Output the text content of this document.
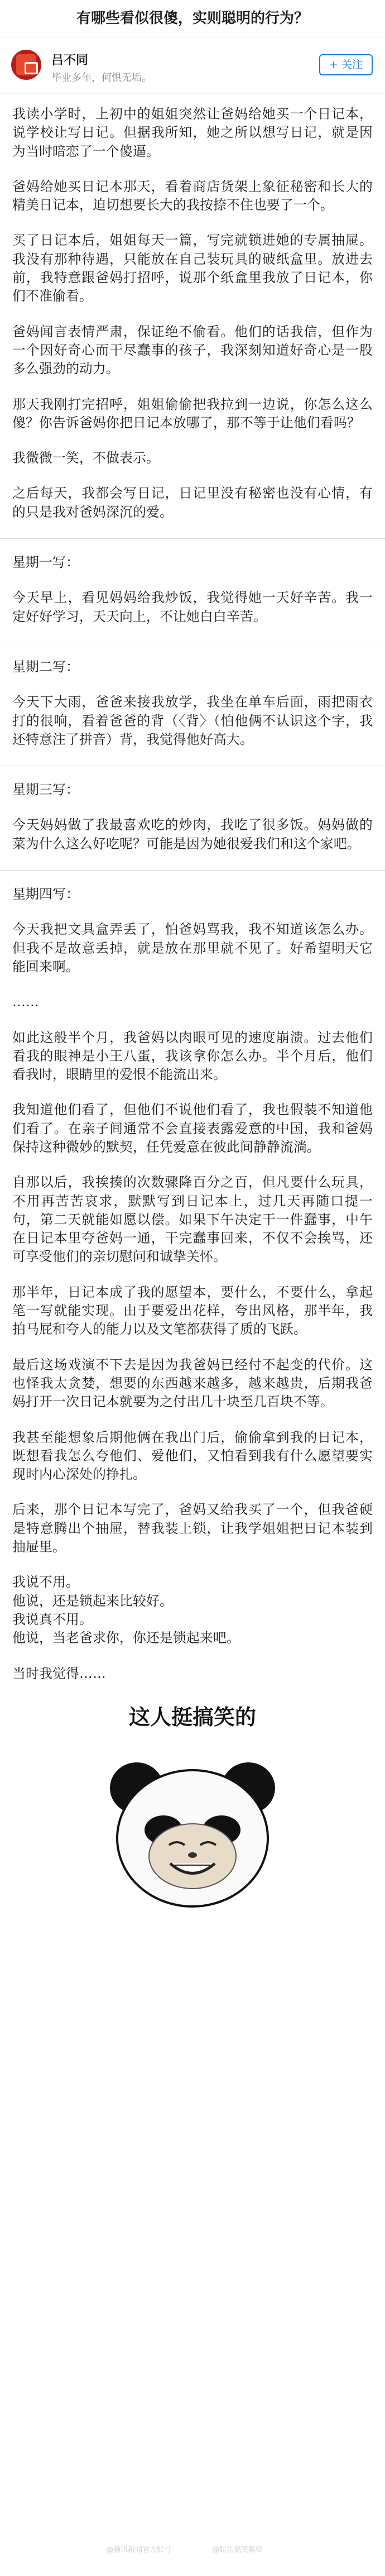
有哪些看似很傻，实则聪明的行为？
吕不同
毕业多年，何惧无垢。
+ 关注

我读小学时，上初中的姐姐突然让爸妈给她买一个日记本，说学校让写日记。但据我所知，她之所以想写日记，就是因为当时暗恋了一个傻逼。

爸妈给她买日记本那天，看着商店货架上象征秘密和长大的精美日记本，迫切想要长大的我按捺不住也要了一个。

买了日记本后，姐姐每天一篇，写完就锁进她的专属抽屉。我没有那种待遇，只能放在自己装玩具的破纸盒里。放进去前，我特意跟爸妈打招呼，说那个纸盒里我放了日记本，你们不准偷看。

爸妈闻言表情严肃，保证绝不偷看。他们的话我信，但作为一个因好奇心而干尽蠢事的孩子，我深刻知道好奇心是一股多么强劲的动力。

那天我刚打完招呼，姐姐偷偷把我拉到一边说，你怎么这么傻？你告诉爸妈你把日记本放哪了，那不等于让他们看吗？

我微微一笑，不做表示。

之后每天，我都会写日记，日记里没有秘密也没有心情，有的只是我对爸妈深沉的爱。

星期一写：

今天早上，看见妈妈给我炒饭，我觉得她一天好辛苦。我一定好好学习，天天向上，不让她白白辛苦。

星期二写：

今天下大雨，爸爸来接我放学，我坐在单车后面，雨把雨衣打的很响，看着爸爸的背（〈背〉（怕他俩不认识这个字，我还特意注了拼音）背，我觉得他好高大。

星期三写：

今天妈妈做了我最喜欢吃的炒肉，我吃了很多饭。妈妈做的菜为什么这么好吃呢？可能是因为她很爱我们和这个家吧。

星期四写：

今天我把文具盒弄丢了，怕爸妈骂我，我不知道该怎么办。但我不是故意丢掉，就是放在那里就不见了。好希望明天它能回来啊。

……

如此这般半个月，我爸妈以肉眼可见的速度崩溃。过去他们看我的眼神是小王八蛋，我该拿你怎么办。半个月后，他们看我时，眼睛里的爱恨不能流出来。

我知道他们看了，但他们不说他们看了，我也假装不知道他们看了。在亲子间通常不会直接表露爱意的中国，我和爸妈保持这种微妙的默契，任凭爱意在彼此间静静流淌。

自那以后，我挨揍的次数骤降百分之百，但凡要什么玩具，不用再苦苦哀求，默默写到日记本上，过几天再随口提一句，第二天就能如愿以偿。如果下午决定干一件蠢事，中午在日记本里夸爸妈一通，干完蠢事回来，不仅不会挨骂，还可享受他们的亲切慰问和诚挚关怀。

那半年，日记本成了我的愿望本，要什么，不要什么，拿起笔一写就能实现。由于要爱出花样，夸出风格，那半年，我拍马屁和夸人的能力以及文笔都获得了质的飞跃。

最后这场戏演不下去是因为我爸妈已经付不起变的代价。这也怪我太贪婪，想要的东西越来越多，越来越贵，后期我爸妈打开一次日记本就要为之付出几十块至几百块不等。

我甚至能想象后期他俩在我出门后，偷偷拿到我的日记本，既想看我怎么夸他们、爱他们，又怕看到我有什么愿望要实现时内心深处的挣扎。

后来，那个日记本写完了，爸妈又给我买了一个，但我爸硬是特意腾出个抽屉，替我装上锁，让我学姐姐把日记本装到抽屉里。

我说不用。
他说，还是锁起来比较好。
我说真不用。
他说，当老爸求你，你还是锁起来吧。

当时我觉得……

这人挺搞笑的
@腾讯新闻官方账号	@娱乐搞笑集锦
